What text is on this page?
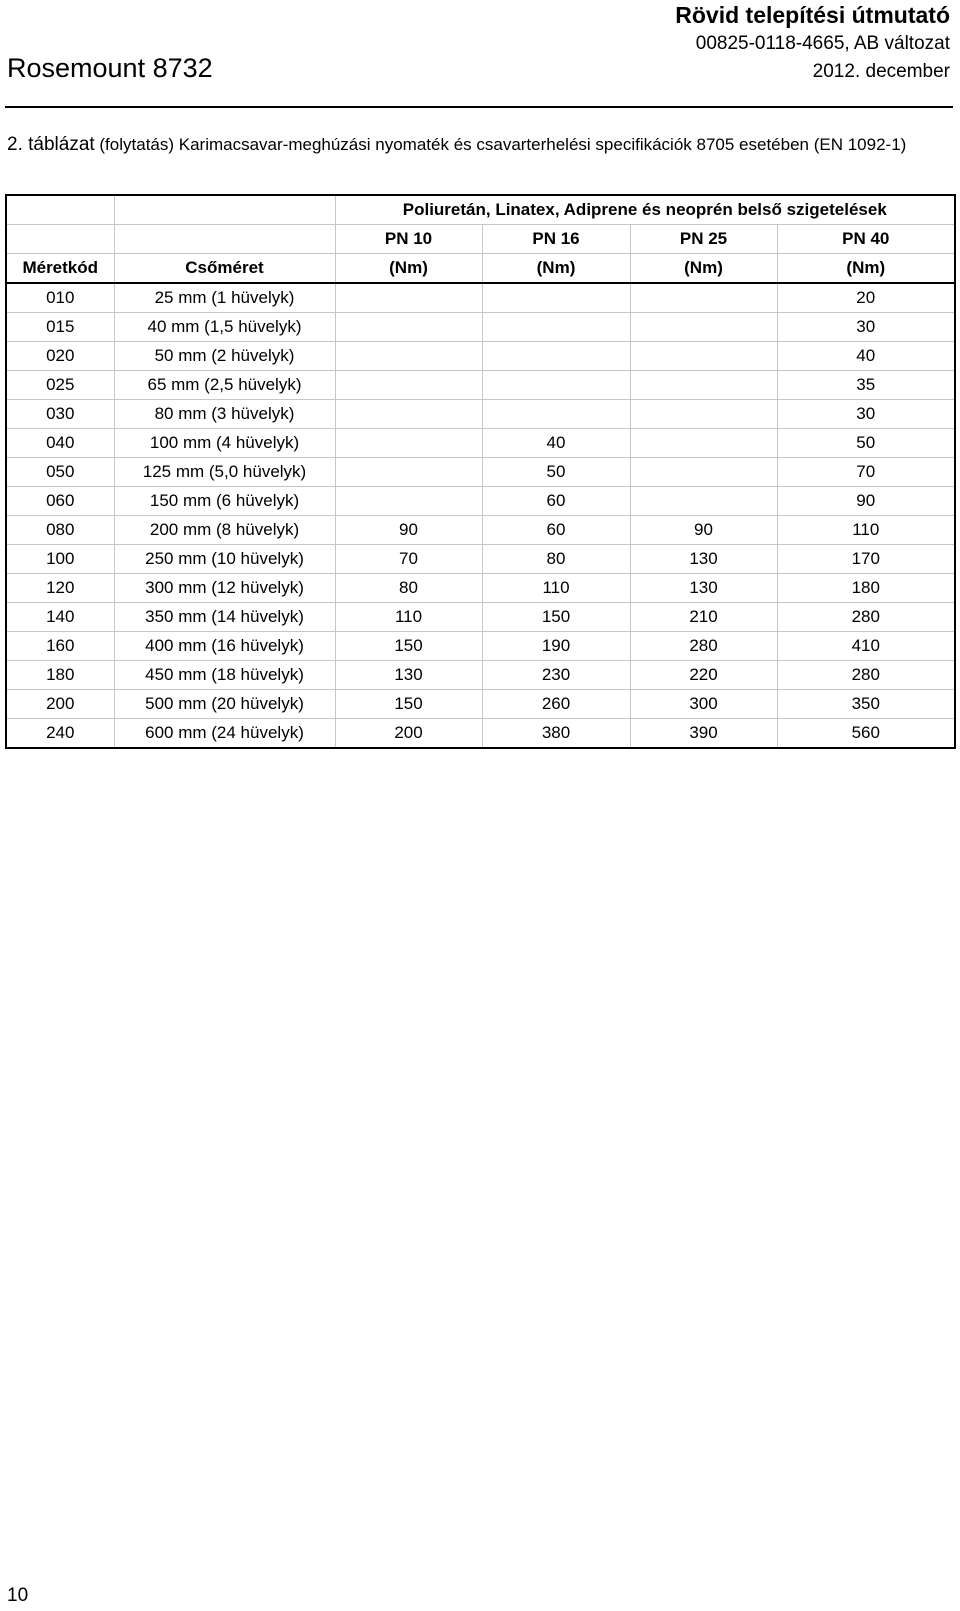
Rosemount 8732
Rövid telepítési útmutató
00825-0118-4665, AB változat
2012. december
2. táblázat (folytatás) Karimacsavar-meghúzási nyomaték és csavarterhelési specifikációk 8705 esetében (EN 1092-1)
		Poliuretán, Linatex, Adiprene és neoprén belső szigetelések			
		PN 10	PN 16	PN 25	PN 40
Méretkód	Csőméret	(Nm)	(Nm)	(Nm)	(Nm)
010	25 mm (1 hüvelyk)				20
015	40 mm (1,5 hüvelyk)				30
020	50 mm (2 hüvelyk)				40
025	65 mm (2,5 hüvelyk)				35
030	80 mm (3 hüvelyk)				30
040	100 mm (4 hüvelyk)		40		50
050	125 mm (5,0 hüvelyk)		50		70
060	150 mm (6 hüvelyk)		60		90
080	200 mm (8 hüvelyk)	90	60	90	110
100	250 mm (10 hüvelyk)	70	80	130	170
120	300 mm (12 hüvelyk)	80	110	130	180
140	350 mm (14 hüvelyk)	110	150	210	280
160	400 mm (16 hüvelyk)	150	190	280	410
180	450 mm (18 hüvelyk)	130	230	220	280
200	500 mm (20 hüvelyk)	150	260	300	350
240	600 mm (24 hüvelyk)	200	380	390	560
10
